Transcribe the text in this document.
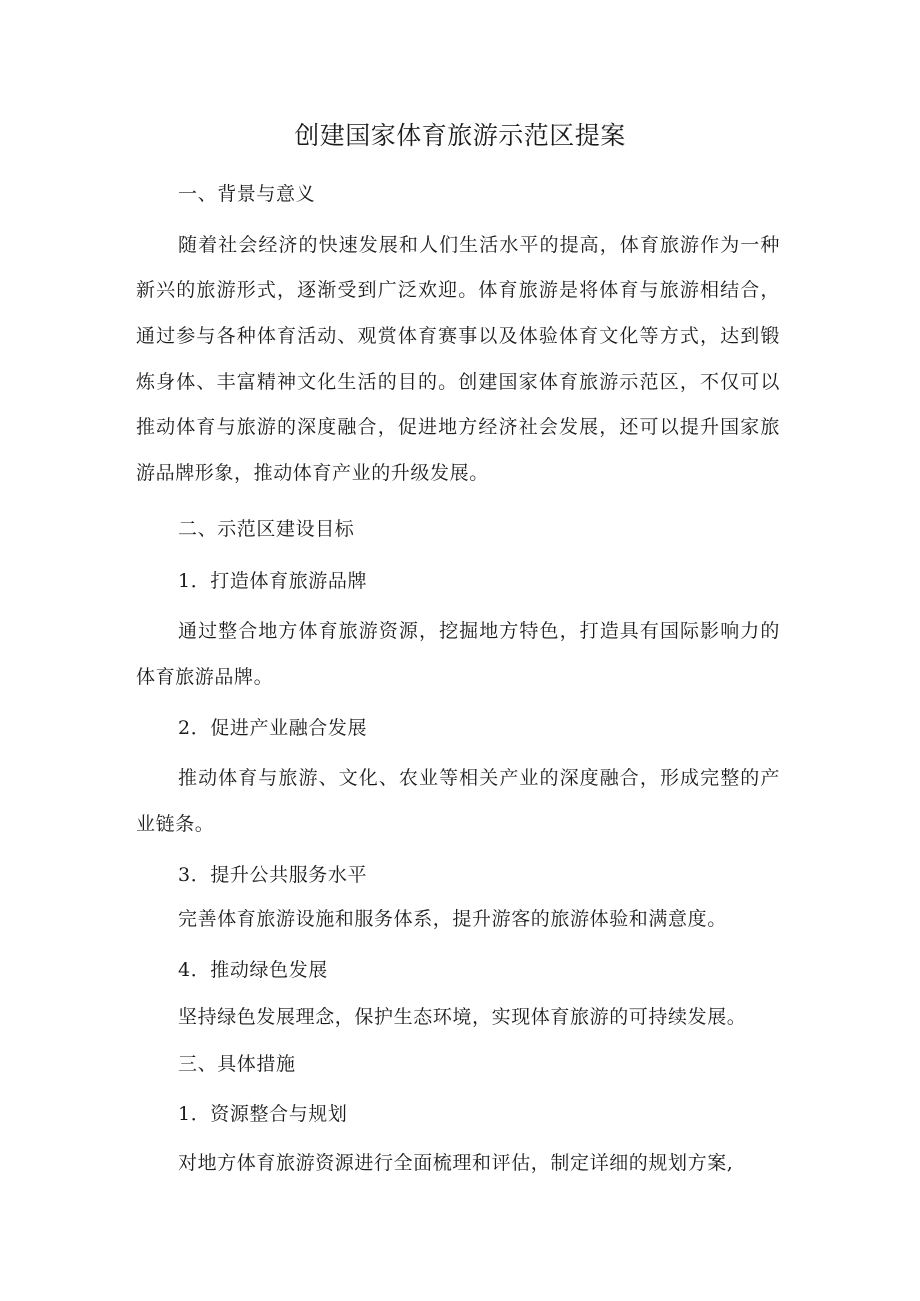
创建国家体育旅游示范区提案

一、背景与意义

随着社会经济的快速发展和人们生活水平的提高，体育旅游作为一种

新兴的旅游形式，逐渐受到广泛欢迎。体育旅游是将体育与旅游相结合，

通过参与各种体育活动、观赏体育赛事以及体验体育文化等方式，达到锻

炼身体、丰富精神文化生活的目的。创建国家体育旅游示范区，不仅可以

推动体育与旅游的深度融合，促进地方经济社会发展，还可以提升国家旅

游品牌形象，推动体育产业的升级发展。

二、示范区建设目标

1．打造体育旅游品牌

通过整合地方体育旅游资源，挖掘地方特色，打造具有国际影响力的

体育旅游品牌。

2．促进产业融合发展

推动体育与旅游、文化、农业等相关产业的深度融合，形成完整的产

业链条。

3．提升公共服务水平

完善体育旅游设施和服务体系，提升游客的旅游体验和满意度。

4．推动绿色发展

坚持绿色发展理念，保护生态环境，实现体育旅游的可持续发展。

三、具体措施

1．资源整合与规划

对地方体育旅游资源进行全面梳理和评估，制定详细的规划方案,
